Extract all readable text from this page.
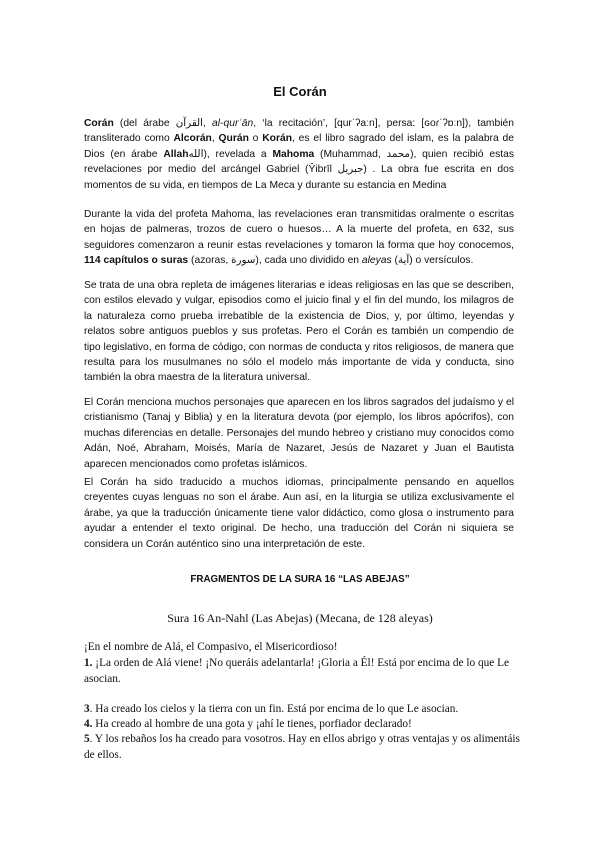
El Corán

Corán (del árabe القرآن, al-qurʾān, ‘la recitación’, [qurˈʔaːn], persa: [ɢoɾˈʔɒːn]), también transliterado como Alcorán, Qurán o Korán, es el libro sagrado del islam, es la palabra de Dios (en árabe Allahالله), revelada a Mahoma (Muhammad, محمد), quien recibió estas revelaciones por medio del arcángel Gabriel (Ŷibrīl جبريل) . La obra fue escrita en dos momentos de su vida, en tiempos de La Meca y durante su estancia en Medina

Durante la vida del profeta Mahoma, las revelaciones eran transmitidas oralmente o escritas en hojas de palmeras, trozos de cuero o huesos… A la muerte del profeta, en 632, sus seguidores comenzaron a reunir estas revelaciones y tomaron la forma que hoy conocemos, 114 capítulos o suras (azoras, سورة), cada uno dividido en aleyas (آية) o versículos.

Se trata de una obra repleta de imágenes literarias e ideas religiosas en las que se describen, con estilos elevado y vulgar, episodios como el juicio final y el fin del mundo, los milagros de la naturaleza como prueba irrebatible de la existencia de Dios, y, por último, leyendas y relatos sobre antiguos pueblos y sus profetas. Pero el Corán es también un compendio de tipo legislativo, en forma de código, con normas de conducta y ritos religiosos, de manera que resulta para los musulmanes no sólo el modelo más importante de vida y conducta, sino también la obra maestra de la literatura universal.

El Corán menciona muchos personajes que aparecen en los libros sagrados del judaísmo y el cristianismo (Tanaj y Biblia) y en la literatura devota (por ejemplo, los libros apócrifos), con muchas diferencias en detalle. Personajes del mundo hebreo y cristiano muy conocidos como Adán, Noé, Abraham, Moisés, María de Nazaret, Jesús de Nazaret y Juan el Bautista aparecen mencionados como profetas islámicos.

El Corán ha sido traducido a muchos idiomas, principalmente pensando en aquellos creyentes cuyas lenguas no son el árabe. Aun así, en la liturgia se utiliza exclusivamente el árabe, ya que la traducción únicamente tiene valor didáctico, como glosa o instrumento para ayudar a entender el texto original. De hecho, una traducción del Corán ni siquiera se considera un Corán auténtico sino una interpretación de este.

FRAGMENTOS DE LA SURA 16 “LAS ABEJAS”
Sura 16 An-Nahl (Las Abejas) (Mecana, de 128 aleyas)

¡En el nombre de Alá, el Compasivo, el Misericordioso!

1. ¡La orden de Alá viene! ¡No queráis adelantarla! ¡Gloria a Él! Está por encima de lo que Le asocian.

3. Ha creado los cielos y la tierra con un fin. Está por encima de lo que Le asocian.

4. Ha creado al hombre de una gota y ¡ahí le tienes, porfiador declarado!

5. Y los rebaños los ha creado para vosotros. Hay en ellos abrigo y otras ventajas y os alimentáis de ellos.
